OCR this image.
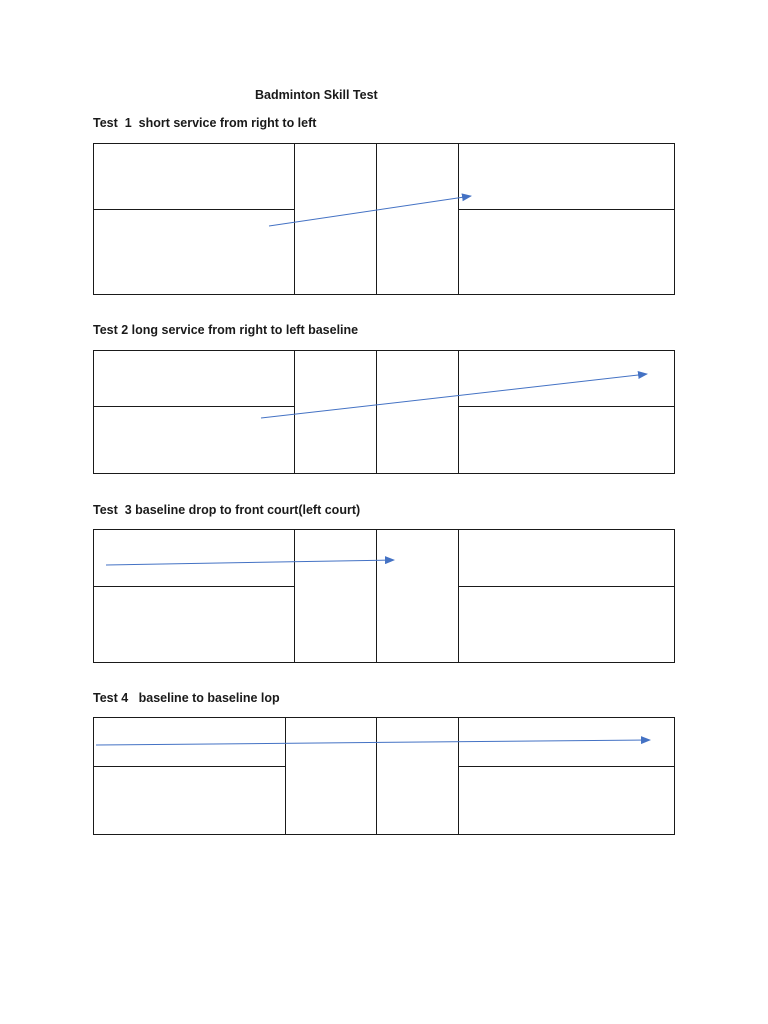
Badminton Skill Test
Test  1  short service from right to left
Test 2 long service from right to left baseline
Test  3 baseline drop to front court(left court)
Test 4   baseline to baseline lop
